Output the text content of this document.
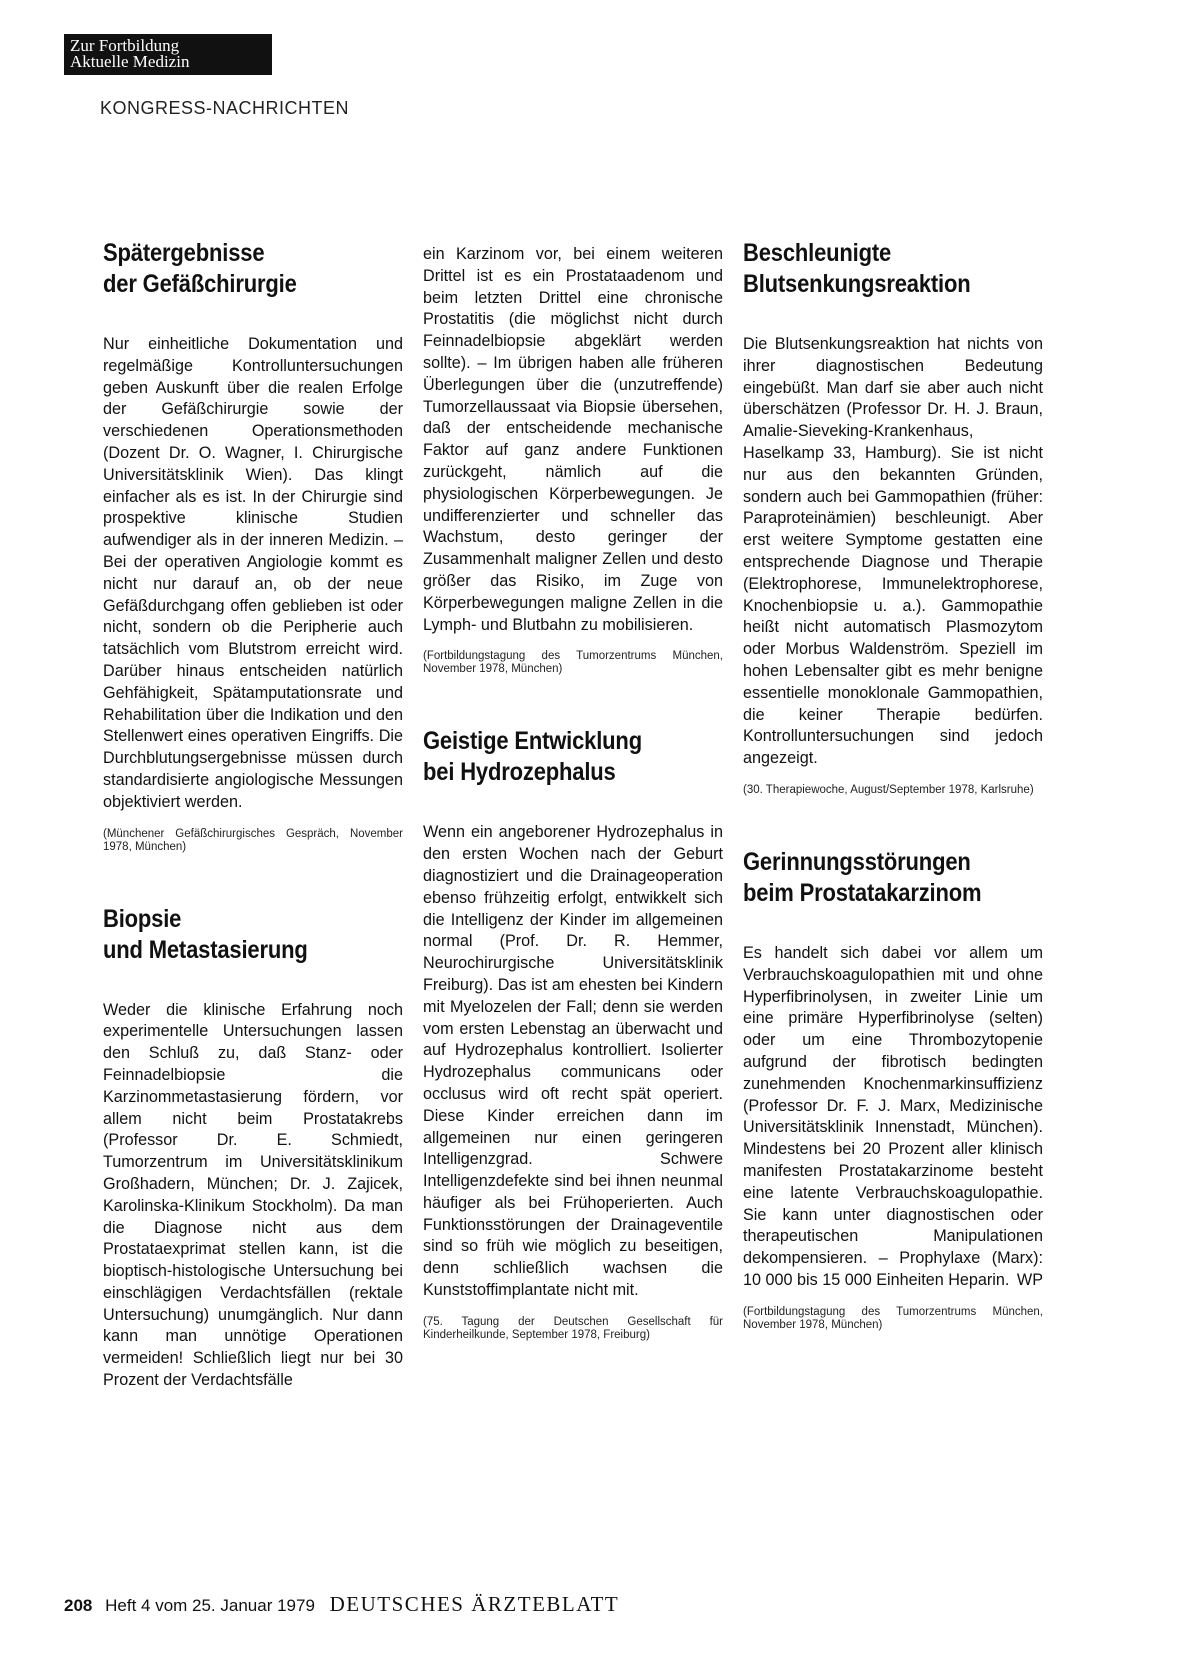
Zur Fortbildung
Aktuelle Medizin
KONGRESS-NACHRICHTEN
Spätergebnisse
der Gefäßchirurgie

Nur einheitliche Dokumentation und regelmäßige Kontrolluntersuchungen geben Auskunft über die realen Erfolge der Gefäßchirurgie sowie der verschiedenen Operationsmethoden (Dozent Dr. O. Wagner, I. Chirurgische Universitätsklinik Wien). Das klingt einfacher als es ist. In der Chirurgie sind prospektive klinische Studien aufwendiger als in der inneren Medizin. – Bei der operativen Angiologie kommt es nicht nur darauf an, ob der neue Gefäßdurchgang offen geblieben ist oder nicht, sondern ob die Peripherie auch tatsächlich vom Blutstrom erreicht wird. Darüber hinaus entscheiden natürlich Gehfähigkeit, Spätamputationsrate und Rehabilitation über die Indikation und den Stellenwert eines operativen Eingriffs. Die Durchblutungsergebnisse müssen durch standardisierte angiologische Messungen objektiviert werden.

(Münchener Gefäßchirurgisches Gespräch, November 1978, München)

Biopsie
und Metastasierung

Weder die klinische Erfahrung noch experimentelle Untersuchungen lassen den Schluß zu, daß Stanz- oder Feinnadelbiopsie die Karzinommetastasierung fördern, vor allem nicht beim Prostatakrebs (Professor Dr. E. Schmiedt, Tumorzentrum im Universitätsklinikum Großhadern, München; Dr. J. Zajicek, Karolinska-Klinikum Stockholm). Da man die Diagnose nicht aus dem Prostataexprimat stellen kann, ist die bioptisch-histologische Untersuchung bei einschlägigen Verdachtsfällen (rektale Untersuchung) unumgänglich. Nur dann kann man unnötige Operationen vermeiden! Schließlich liegt nur bei 30 Prozent der Verdachtsfälle

ein Karzinom vor, bei einem weiteren Drittel ist es ein Prostataadenom und beim letzten Drittel eine chronische Prostatitis (die möglichst nicht durch Feinnadelbiopsie abgeklärt werden sollte). – Im übrigen haben alle früheren Überlegungen über die (unzutreffende) Tumorzellaussaat via Biopsie übersehen, daß der entscheidende mechanische Faktor auf ganz andere Funktionen zurückgeht, nämlich auf die physiologischen Körperbewegungen. Je undifferenzierter und schneller das Wachstum, desto geringer der Zusammenhalt maligner Zellen und desto größer das Risiko, im Zuge von Körperbewegungen maligne Zellen in die Lymph- und Blutbahn zu mobilisieren.

(Fortbildungstagung des Tumorzentrums München, November 1978, München)

Geistige Entwicklung
bei Hydrozephalus

Wenn ein angeborener Hydrozephalus in den ersten Wochen nach der Geburt diagnostiziert und die Drainageoperation ebenso frühzeitig erfolgt, entwikkelt sich die Intelligenz der Kinder im allgemeinen normal (Prof. Dr. R. Hemmer, Neurochirurgische Universitätsklinik Freiburg). Das ist am ehesten bei Kindern mit Myelozelen der Fall; denn sie werden vom ersten Lebenstag an überwacht und auf Hydrozephalus kontrolliert. Isolierter Hydrozephalus communicans oder occlusus wird oft recht spät operiert. Diese Kinder erreichen dann im allgemeinen nur einen geringeren Intelligenzgrad. Schwere Intelligenzdefekte sind bei ihnen neunmal häufiger als bei Frühoperierten. Auch Funktionsstörungen der Drainageventile sind so früh wie möglich zu beseitigen, denn schließlich wachsen die Kunststoffimplantate nicht mit.

(75. Tagung der Deutschen Gesellschaft für Kinderheilkunde, September 1978, Freiburg)

Beschleunigte
Blutsenkungsreaktion

Die Blutsenkungsreaktion hat nichts von ihrer diagnostischen Bedeutung eingebüßt. Man darf sie aber auch nicht überschätzen (Professor Dr. H. J. Braun, Amalie-Sieveking-Krankenhaus, Haselkamp 33, Hamburg). Sie ist nicht nur aus den bekannten Gründen, sondern auch bei Gammopathien (früher: Paraproteinämien) beschleunigt. Aber erst weitere Symptome gestatten eine entsprechende Diagnose und Therapie (Elektrophorese, Immunelektrophorese, Knochenbiopsie u. a.). Gammopathie heißt nicht automatisch Plasmozytom oder Morbus Waldenström. Speziell im hohen Lebensalter gibt es mehr benigne essentielle monoklonale Gammopathien, die keiner Therapie bedürfen. Kontrolluntersuchungen sind jedoch angezeigt.

(30. Therapiewoche, August/September 1978, Karlsruhe)

Gerinnungsstörungen
beim Prostatakarzinom

Es handelt sich dabei vor allem um Verbrauchskoagulopathien mit und ohne Hyperfibrinolysen, in zweiter Linie um eine primäre Hyperfibrinolyse (selten) oder um eine Thrombozytopenie aufgrund der fibrotisch bedingten zunehmenden Knochenmarkinsuffizienz (Professor Dr. F. J. Marx, Medizinische Universitätsklinik Innenstadt, München). Mindestens bei 20 Prozent aller klinisch manifesten Prostatakarzinome besteht eine latente Verbrauchskoagulopathie. Sie kann unter diagnostischen oder therapeutischen Manipulationen dekompensieren. – Prophylaxe (Marx): 10 000 bis 15 000 Einheiten Heparin. WP

(Fortbildungstagung des Tumorzentrums München, November 1978, München)

208 Heft 4 vom 25. Januar 1979 DEUTSCHES ÄRZTEBLATT
